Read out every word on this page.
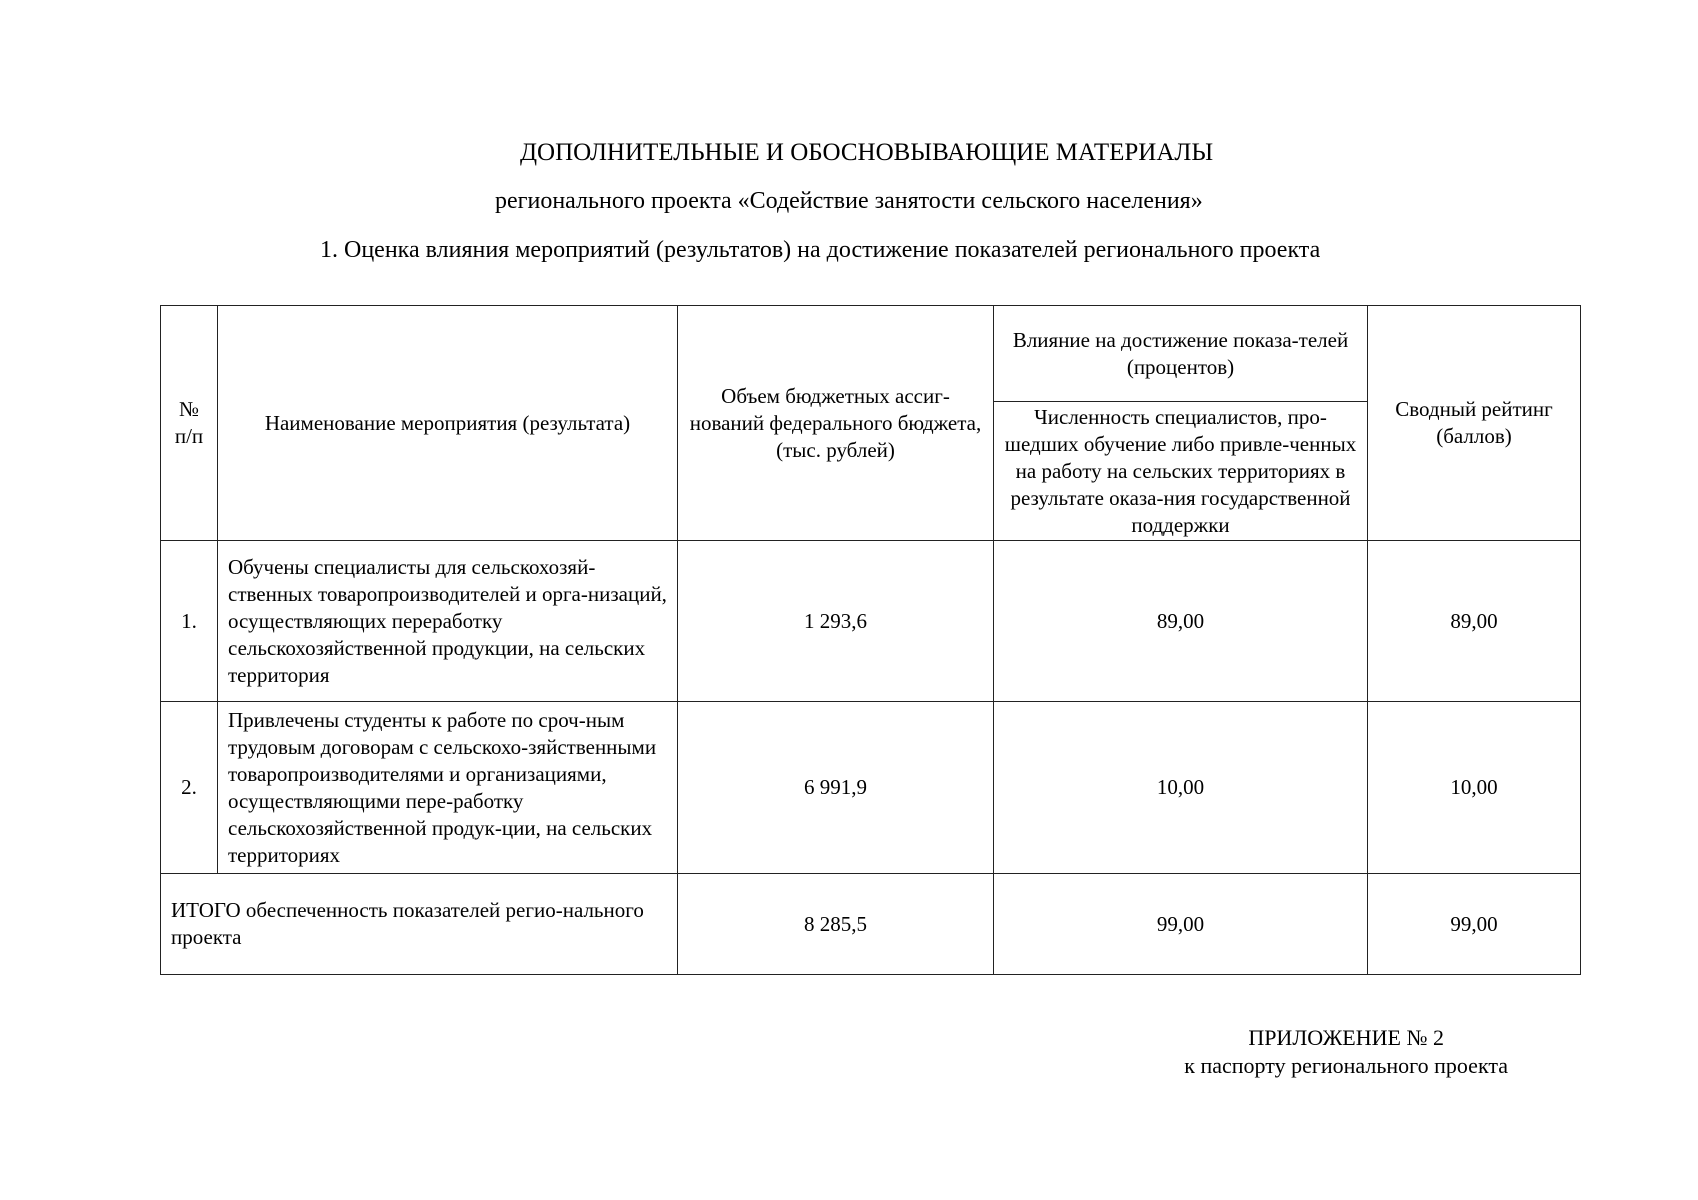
ДОПОЛНИТЕЛЬНЫЕ И ОБОСНОВЫВАЮЩИЕ МАТЕРИАЛЫ
регионального проекта «Содействие занятости сельского населения»
1. Оценка влияния мероприятий (результатов) на достижение показателей регионального проекта
№ п/п	Наименование мероприятия (результата)	Объем бюджетных ассиг-нований федерального бюджета, (тыс. рублей)	Влияние на достижение показа-телей (процентов)	Сводный рейтинг (баллов)
			Численность специалистов, про-шедших обучение либо привле-ченных на работу на сельских территориях в результате оказа-ния государственной поддержки	
1.	Обучены специалисты для сельскохозяй-ственных товаропроизводителей и орга-низаций, осуществляющих переработку сельскохозяйственной продукции, на сельских территория	1 293,6	89,00	89,00
2.	Привлечены студенты к работе по сроч-ным трудовым договорам с сельскохо-зяйственными товаропроизводителями и организациями, осуществляющими пере-работку сельскохозяйственной продук-ции, на сельских территориях	6 991,9	10,00	10,00
ИТОГО обеспеченность показателей регио-нального проекта		8 285,5	99,00	99,00
ПРИЛОЖЕНИЕ № 2
к паспорту регионального проекта
